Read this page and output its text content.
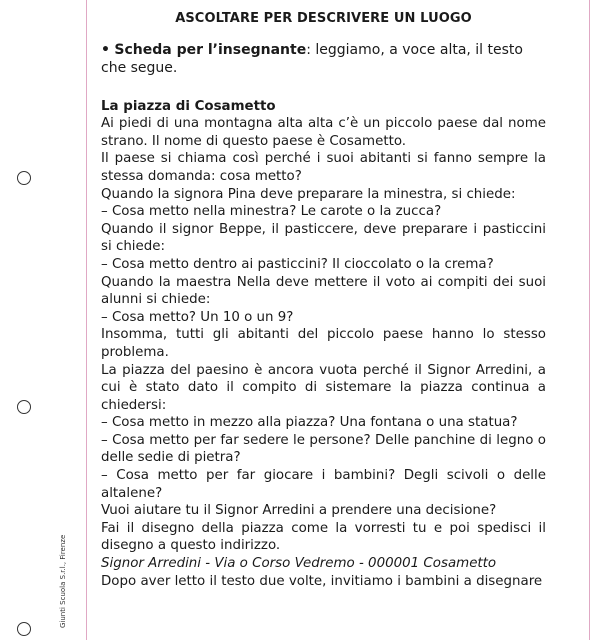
Giunti Scuola S.r.l., Firenze
ASCOLTARE PER DESCRIVERE UN LUOGO

• Scheda per l’insegnante: leggiamo, a voce alta, il testo che segue.

La piazza di Cosametto

Ai piedi di una montagna alta alta c’è un piccolo paese dal nome strano. Il nome di questo paese è Cosametto.

Il paese si chiama così perché i suoi abitanti si fanno sempre la stessa domanda: cosa metto?

Quando la signora Pina deve preparare la minestra, si chiede:

– Cosa metto nella minestra? Le carote o la zucca?

Quando il signor Beppe, il pasticcere, deve preparare i pasticcini si chiede:

– Cosa metto dentro ai pasticcini? Il cioccolato o la crema?

Quando la maestra Nella deve mettere il voto ai compiti dei suoi alunni si chiede:

– Cosa metto? Un 10 o un 9?

Insomma, tutti gli abitanti del piccolo paese hanno lo stesso problema.

La piazza del paesino è ancora vuota perché il Signor Arredini, a cui è stato dato il compito di sistemare la piazza continua a chiedersi:

– Cosa metto in mezzo alla piazza? Una fontana o una statua?

– Cosa metto per far sedere le persone? Delle panchine di legno o delle sedie di pietra?

– Cosa metto per far giocare i bambini? Degli scivoli o delle altalene?

Vuoi aiutare tu il Signor Arredini a prendere una decisione?

Fai il disegno della piazza come la vorresti tu e poi spedisci il disegno a questo indirizzo.

Signor Arredini - Via o Corso Vedremo - 000001 Cosametto

Dopo aver letto il testo due volte, invitiamo i bambini a disegnare
